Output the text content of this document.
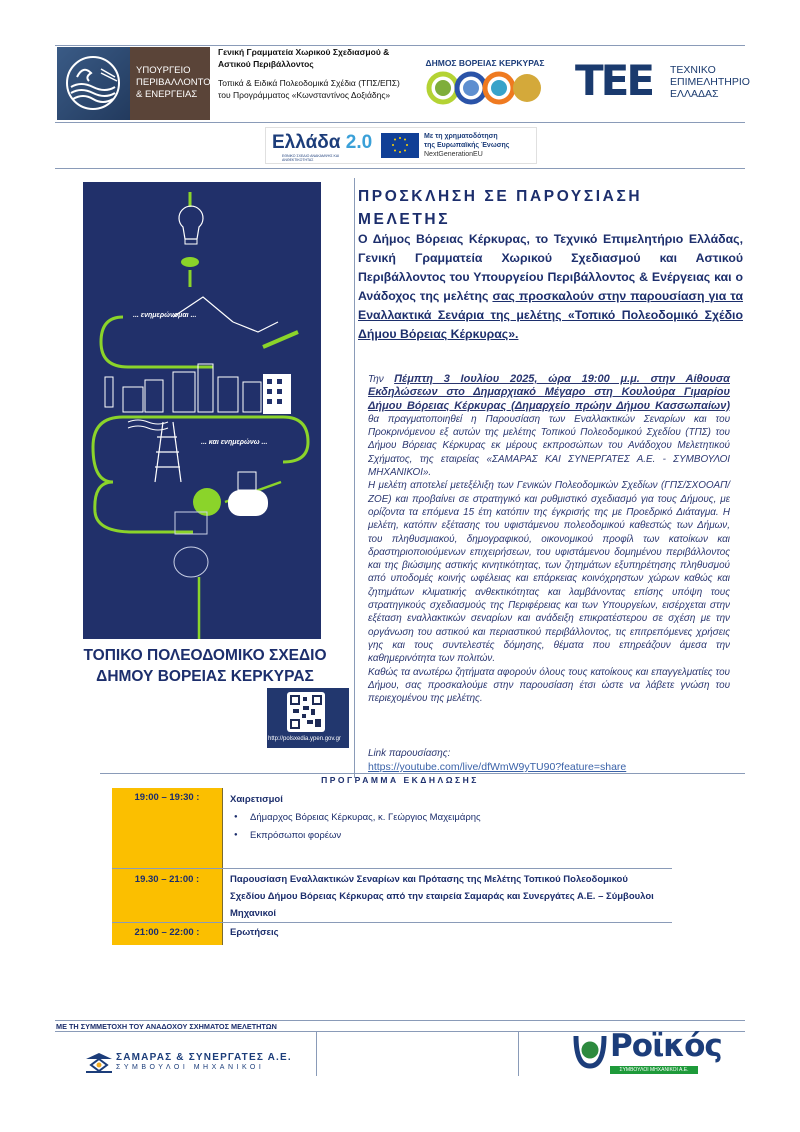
ΥΠΟΥΡΓΕΙΟ ΠΕΡΙΒΑΛΛΟΝΤΟΣ & ΕΝΕΡΓΕΙΑΣ
Γενική Γραμματεία Χωρικού Σχεδιασμού & Αστικού Περιβάλλοντος
Τοπικά & Ειδικά Πολεοδομικά Σχέδια (ΤΠΣ/ΕΠΣ) του Προγράμματος «Κωνσταντίνος Δοξιάδης»
ΔΗΜΟΣ ΒΟΡΕΙΑΣ ΚΕΡΚΥΡΑΣ TEE	ΤΕΧΝΙΚΟ ΕΠΙΜΕΛΗΤΗΡΙΟ ΕΛΛΑΔΑΣ
Ελλάδα 2.0
ΕΘΝΙΚΟ ΣΧΕΔΙΟ ΑΝΑΚΑΜΨΗΣ ΚΑΙ ΑΝΘΕΚΤΙΚΟΤΗΤΑΣ
Με τη χρηματοδότηση
της Ευρωπαϊκής Ένωσης
NextGenerationEU
... ενημερώνομαι ...
... και ενημερώνω ...
ΤΟΠΙΚΟ ΠΟΛΕΟΔΟΜΙΚΟ ΣΧΕΔΙΟ
ΔΗΜΟΥ ΒΟΡΕΙΑΣ ΚΕΡΚΥΡΑΣ
http://polsxedia.ypen.gov.gr
ΠΡΟΣΚΛΗΣΗ ΣΕ ΠΑΡΟΥΣΙΑΣΗ ΜΕΛΕΤΗΣ
Ο Δήμος Βόρειας Κέρκυρας, το Τεχνικό Επιμελητήριο Ελλάδας, Γενική Γραμματεία Χωρικού Σχεδιασμού και Αστικού Περιβάλλοντος του Υπουργείου Περιβάλλοντος & Ενέργειας και ο Ανάδοχος της μελέτης σας προσκαλούν στην παρουσίαση για τα Εναλλακτικά Σενάρια της μελέτης «Τοπικό Πολεοδομικό Σχέδιο Δήμου Βόρειας Κέρκυρας».

Την Πέμπτη 3 Ιουλίου 2025, ώρα 19:00 μ.μ. στην Αίθουσα Εκδηλώσεων στο Δημαρχιακό Μέγαρο στη Κουλούρα Γιμαρίου Δήμου Βόρειας Κέρκυρας (Δημαρχείο πρώην Δήμου Κασσωπαίων) θα πραγματοποιηθεί η Παρουσίαση των Εναλλακτικών Σεναρίων και του Προκρινόμενου εξ αυτών της μελέτης Τοπικού Πολεοδομικού Σχεδίου (ΤΠΣ) του Δήμου Βόρειας Κέρκυρας εκ μέρους εκπροσώπων του Ανάδοχου Μελετητικού Σχήματος, της εταιρείας «ΣΑΜΑΡΑΣ ΚΑΙ ΣΥΝΕΡΓΑΤΕΣ Α.Ε. - ΣΥΜΒΟΥΛΟΙ ΜΗΧΑΝΙΚΟΙ».

Η μελέτη αποτελεί μετεξέλιξη των Γενικών Πολεοδομικών Σχεδίων (ΓΠΣ/ΣΧΟΟΑΠ/ΖΟΕ) και προβαίνει σε στρατηγικό και ρυθμιστικό σχεδιασμό για τους Δήμους, με ορίζοντα τα επόμενα 15 έτη κατόπιν της έγκρισής της με Προεδρικό Διάταγμα. Η μελέτη, κατόπιν εξέτασης του υφιστάμενου πολεοδομικού καθεστώς των Δήμων, του πληθυσμιακού, δημογραφικού, οικονομικού προφίλ των κατοίκων και δραστηριοποιούμενων επιχειρήσεων, του υφιστάμενου δομημένου περιβάλλοντος και της βιώσιμης αστικής κινητικότητας, των ζητημάτων εξυπηρέτησης πληθυσμού από υποδομές κοινής ωφέλειας και επάρκειας κοινόχρηστων χώρων καθώς και ζητημάτων κλιματικής ανθεκτικότητας και λαμβάνοντας επίσης υπόψη τους στρατηγικούς σχεδιασμούς της Περιφέρειας και των Υπουργείων, εισέρχεται στην εξέταση εναλλακτικών σεναρίων και ανάδειξη επικρατέστερου σε σχέση με την οργάνωση του αστικού και περιαστικού περιβάλλοντος, τις επιτρεπόμενες χρήσεις γης και τους συντελεστές δόμησης, θέματα που επηρεάζουν άμεσα την καθημερινότητα των πολιτών.

Καθώς τα ανωτέρω ζητήματα αφορούν όλους τους κατοίκους και επαγγελματίες του Δήμου, σας προσκαλούμε στην παρουσίαση έτσι ώστε να λάβετε γνώση του περιεχομένου της μελέτης.

Link παρουσίασης:
https://youtube.com/live/dfWmW9yTU90?feature=share
ΠΡΟΓΡΑΜΜΑ ΕΚΔΗΛΩΣΗΣ
19:00 – 19:30 :	Χαιρετισμοί
● Δήμαρχος Βόρειας Κέρκυρας, κ. Γεώργιος Μαχειμάρης
● Εκπρόσωποι φορέων
19.30 – 21:00 :	Παρουσίαση Εναλλακτικών Σεναρίων και Πρότασης της Μελέτης Τοπικού Πολεοδομικού Σχεδίου Δήμου Βόρειας Κέρκυρας από την εταιρεία Σαμαράς και Συνεργάτες Α.Ε. – Σύμβουλοι Μηχανικοί
21:00 – 22:00 :	Ερωτήσεις
ΜΕ ΤΗ ΣΥΜΜΕΤΟΧΗ ΤΟΥ ΑΝΑΔΟΧΟΥ ΣΧΗΜΑΤΟΣ ΜΕΛΕΤΗΤΩΝ
ΣΑΜΑΡΑΣ & ΣΥΝΕΡΓΑΤΕΣ Α.Ε.
ΣΥΜΒΟΥΛΟΙ ΜΗΧΑΝΙΚΟΙ
Ροϊκός
ΣΥΜΒΟΥΛΟΙ ΜΗΧΑΝΙΚΟΙ Α.Ε.
